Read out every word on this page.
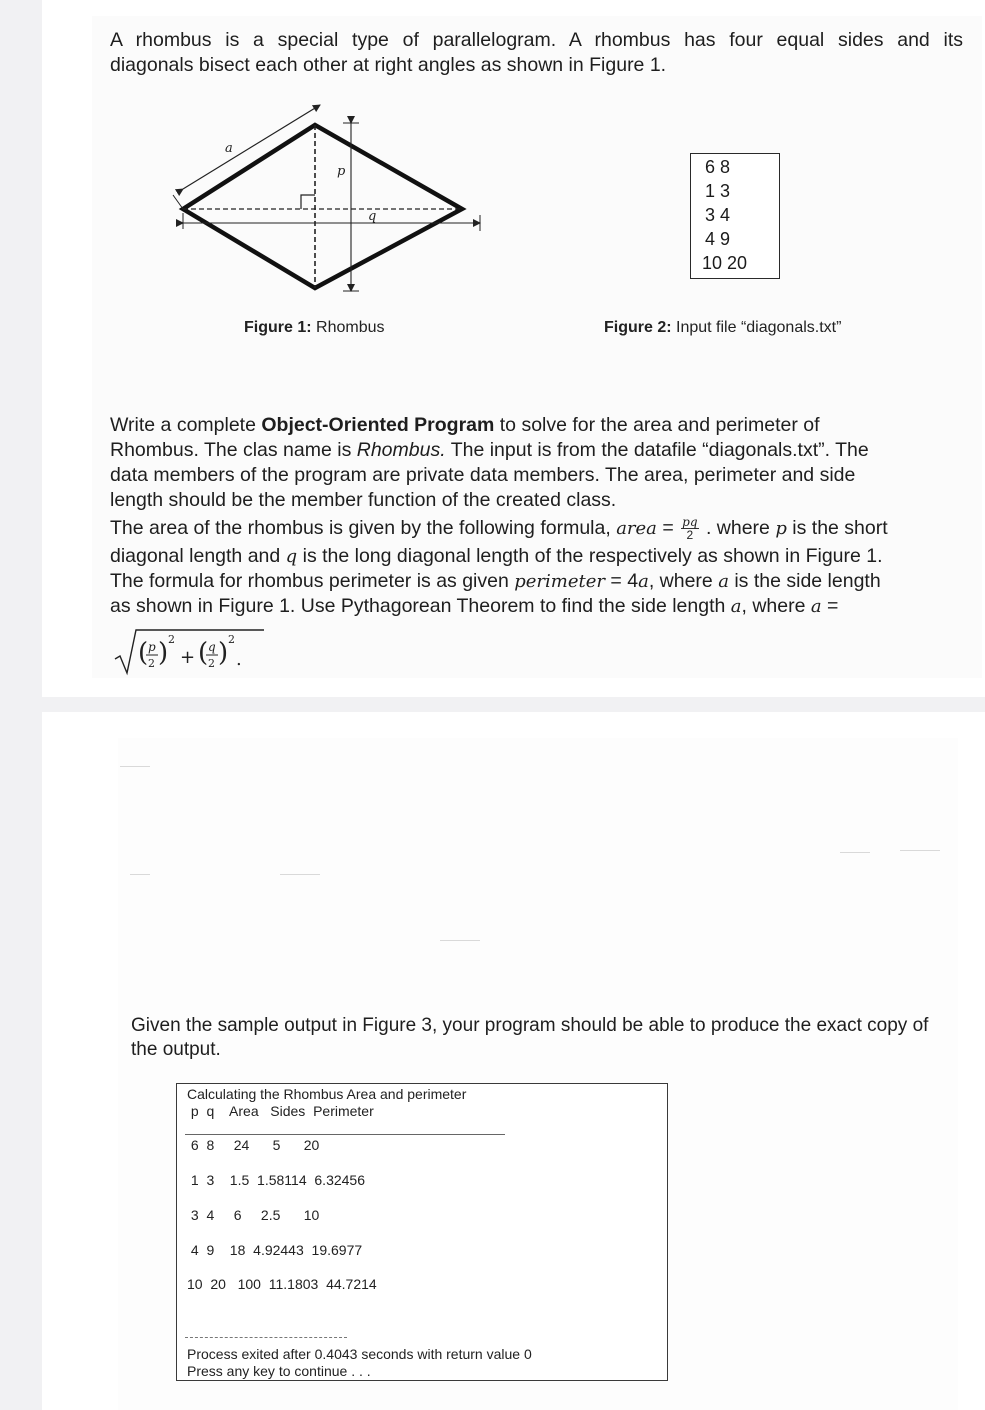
A rhombus is a special type of parallelogram. A rhombus has four equal sides and its
diagonals bisect each other at right angles as shown in Figure 1.
a
q
p	6 8
1 3
3 4
4 9
10 20
Figure 1: Rhombus	Figure 2: Input file “diagonals.txt”
Write a complete Object-Oriented Program to solve for the area and perimeter of
Rhombus. The clas name is Rhombus. The input is from the datafile “diagonals.txt”. The
data members of the program are private data members. The area, perimeter and side
length should be the member function of the created class.
The area of the rhombus is given by the following formula, area = $\frac{pq}{2}$ . where p is the short
diagonal length and q is the long diagonal length of the respectively as shown in Figure 1.
The formula for rhombus perimeter is as given perimeter = 4a, where a is the side length
as shown in Figure 1. Use Pythagorean Theorem to find the side length a, where a =
( p
2 ) 2
+ ( q
2 ) 2
.
Given the sample output in Figure 3, your program should be able to produce the exact copy of the output.
Calculating the Rhombus Area and perimeter
p  q    Area   Sides  Perimeter
6  8     24      5      20
1  3    1.5  1.58114  6.32456
3  4     6     2.5      10
4  9    18  4.92443  19.6977
10  20   100  11.1803  44.7214
Process exited after 0.4043 seconds with return value 0
Press any key to continue . . .
